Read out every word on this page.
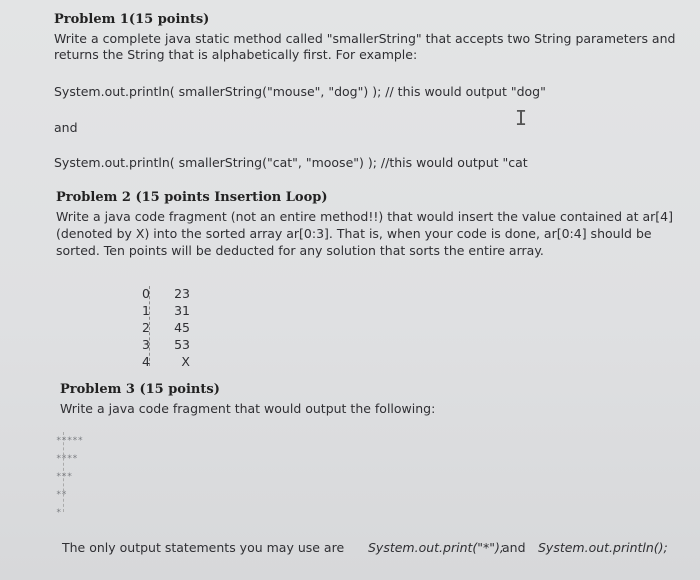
Problem 1(15 points)
Write a complete java static method called "smallerString" that accepts two String parameters and
returns the String that is alphabetically first. For example:
System.out.println( smallerString("mouse", "dog") ); // this would output "dog"
and	I
System.out.println( smallerString("cat", "moose") ); //this would output "cat
Problem 2 (15 points Insertion Loop)
Write a java code fragment (not an entire method!!) that would insert the value contained at ar[4]
(denoted by X) into the sorted array ar[0:3]. That is, when your code is done, ar[0:4] should be
sorted. Ten points will be deducted for any solution that sorts the entire array.
0	23
1	31
2	45
3	53
4	X
Problem 3 (15 points)
Write a java code fragment that would output the following:
*****
****
***
**
*
The only output statements you may use are System.out.print("*");
and System.out.println();
